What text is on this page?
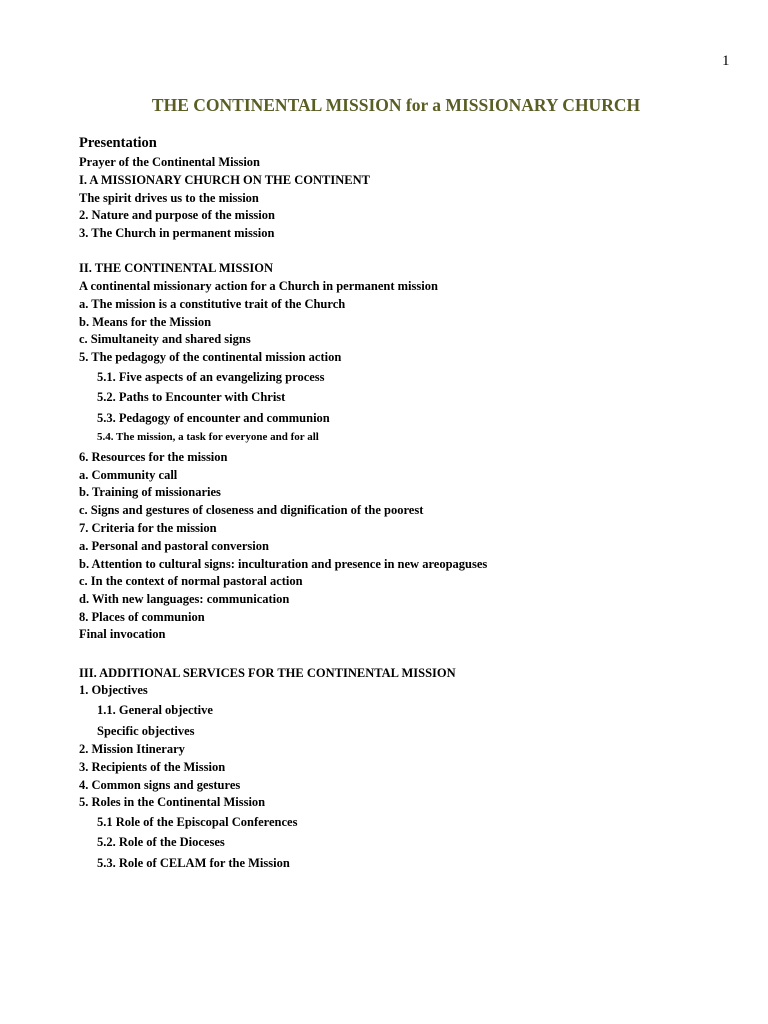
1
THE CONTINENTAL MISSION for a MISSIONARY CHURCH
Presentation
Prayer of the Continental Mission
I. A MISSIONARY CHURCH ON THE CONTINENT
The spirit drives us to the mission
2. Nature and purpose of the mission
3. The Church in permanent mission
II. THE CONTINENTAL MISSION
A continental missionary action for a Church in permanent mission
a. The mission is a constitutive trait of the Church
b. Means for the Mission
c. Simultaneity and shared signs
5. The pedagogy of the continental mission action
5.1. Five aspects of an evangelizing process
5.2. Paths to Encounter with Christ
5.3. Pedagogy of encounter and communion
5.4. The mission, a task for everyone and for all
6. Resources for the mission
a. Community call
b. Training of missionaries
c. Signs and gestures of closeness and dignification of the poorest
7. Criteria for the mission
a. Personal and pastoral conversion
b. Attention to cultural signs: inculturation and presence in new areopaguses
c. In the context of normal pastoral action
d. With new languages: communication
8. Places of communion
Final invocation
III. ADDITIONAL SERVICES FOR THE CONTINENTAL MISSION
1. Objectives
1.1. General objective
Specific objectives
2. Mission Itinerary
3. Recipients of the Mission
4. Common signs and gestures
5. Roles in the Continental Mission
5.1 Role of the Episcopal Conferences
5.2. Role of the Dioceses
5.3. Role of CELAM for the Mission
